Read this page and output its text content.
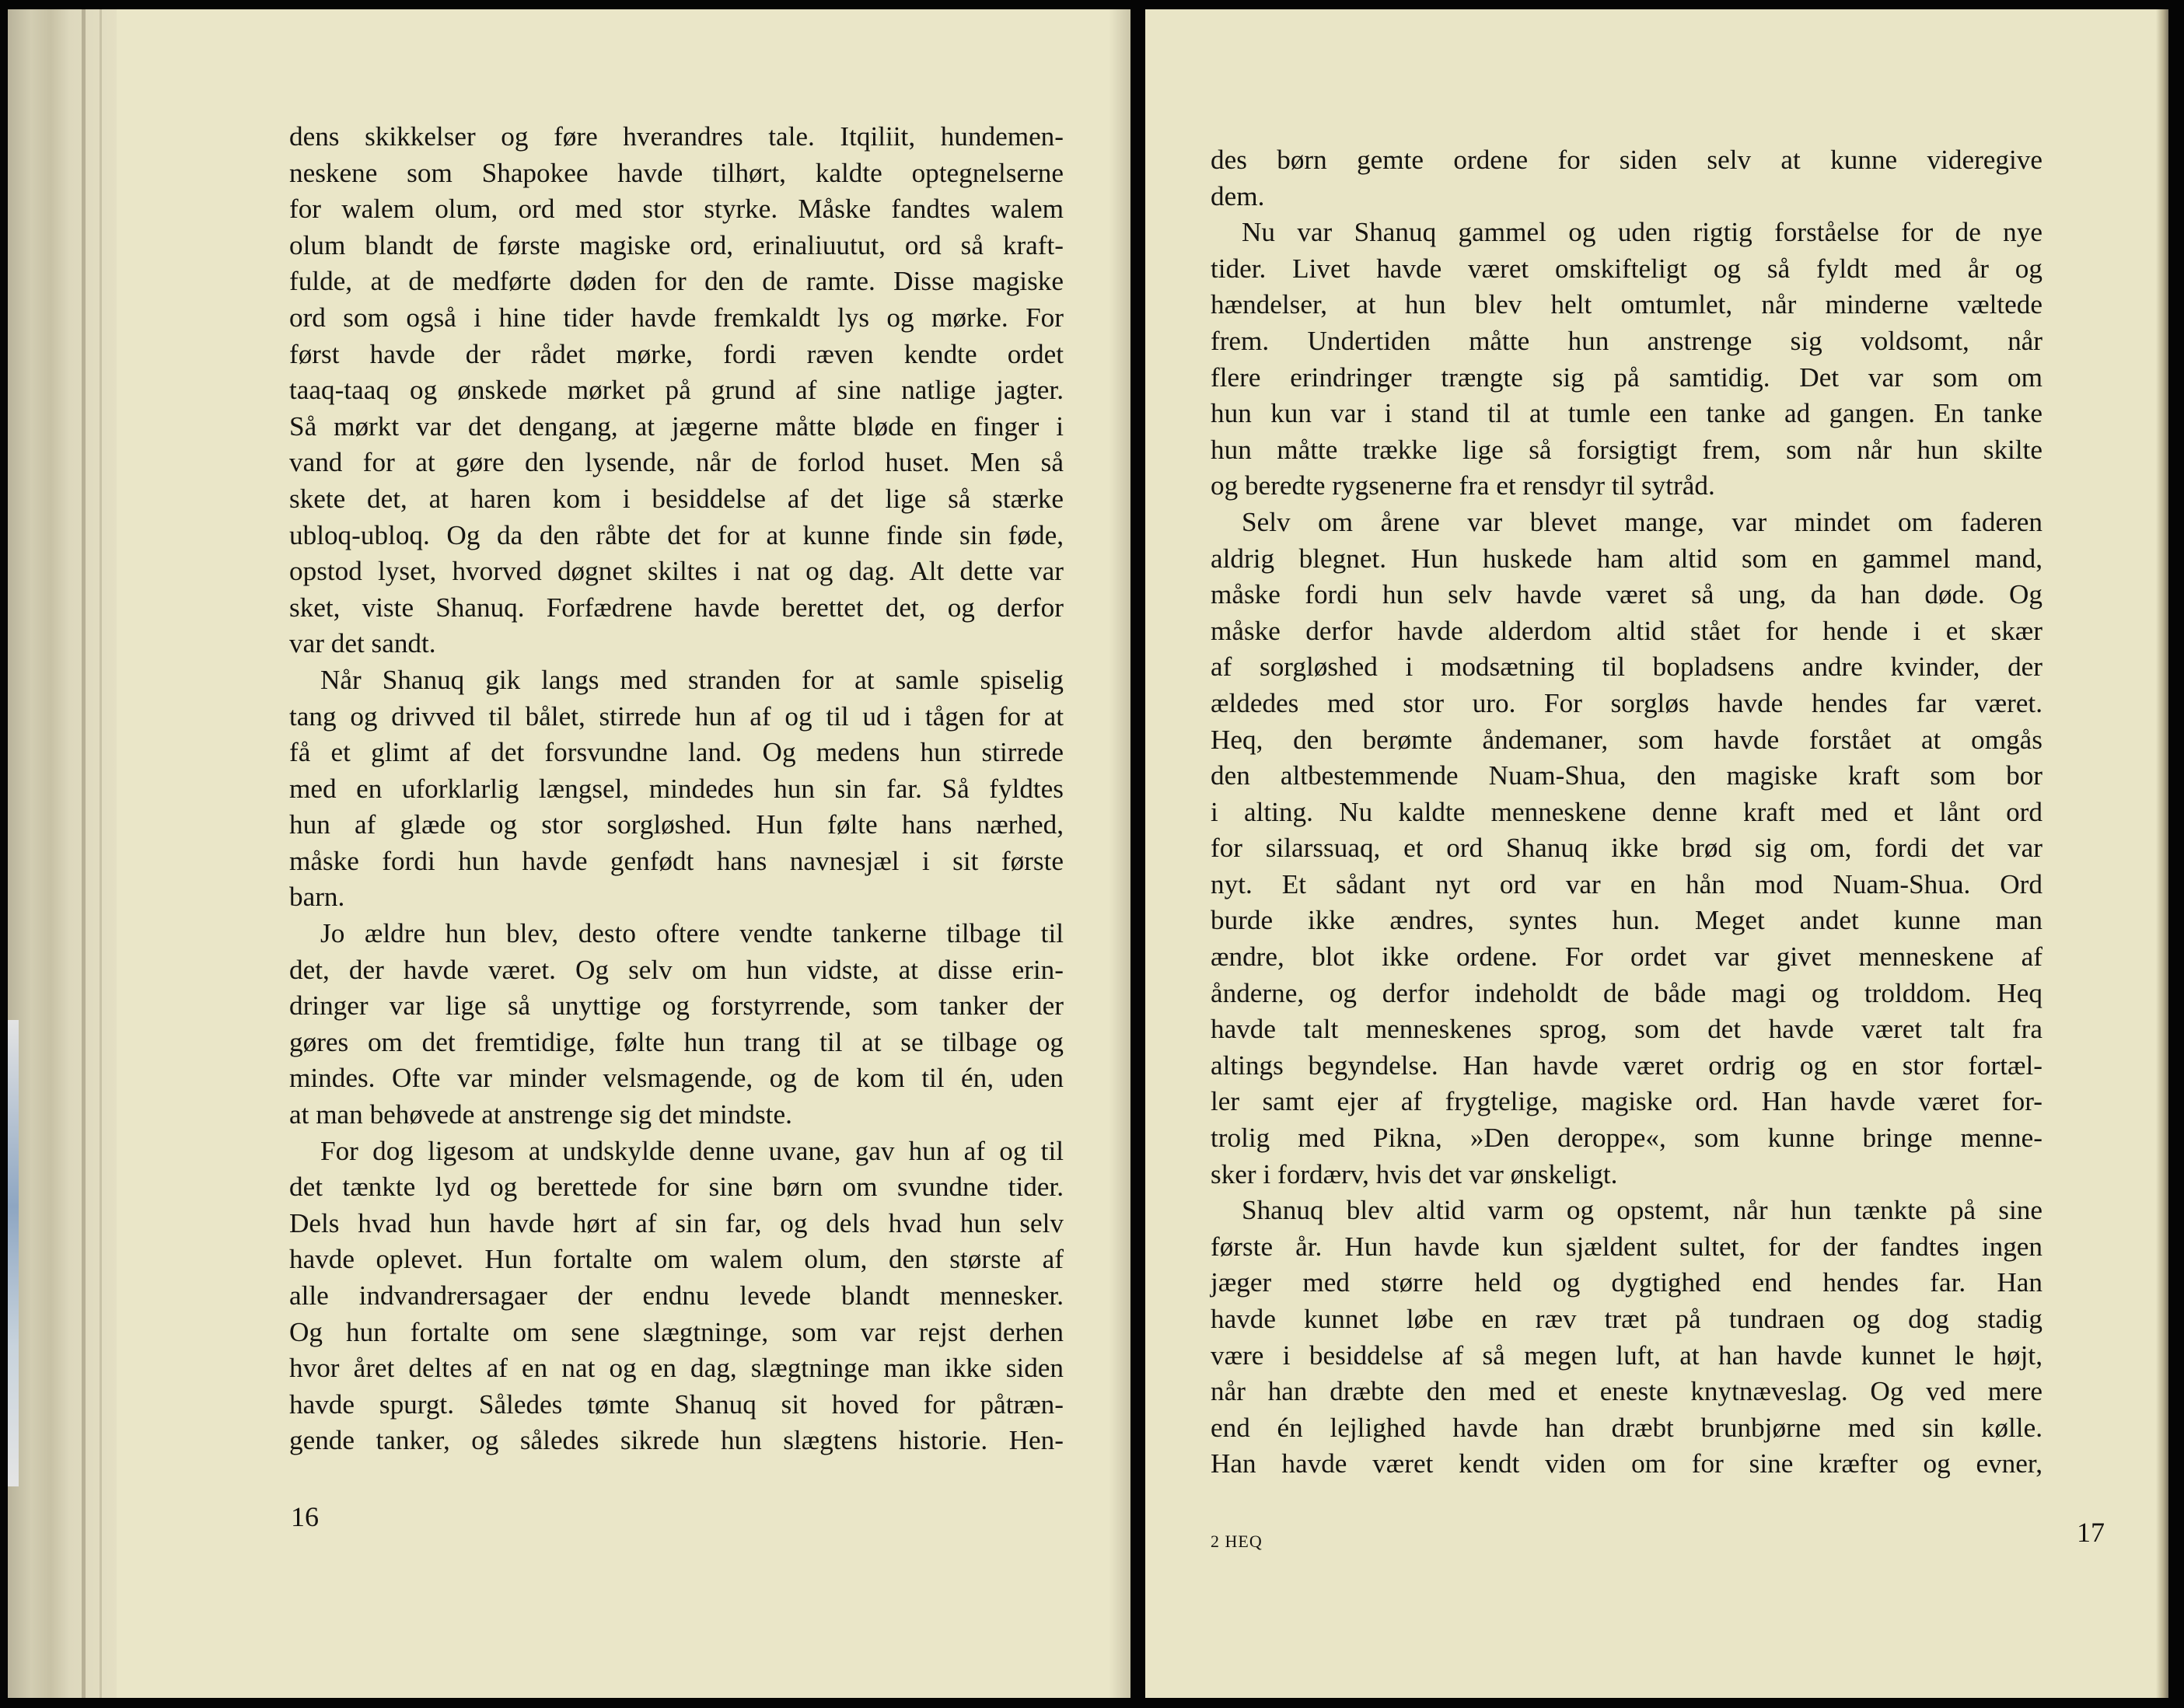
dens skikkelser og føre hverandres tale. Itqiliit, hundemen-
neskene som Shapokee havde tilhørt, kaldte optegnelserne
for walem olum, ord med stor styrke. Måske fandtes walem
olum blandt de første magiske ord, erinaliuutut, ord så kraft-
fulde, at de medførte døden for den de ramte. Disse magiske
ord som også i hine tider havde fremkaldt lys og mørke. For
først havde der rådet mørke, fordi ræven kendte ordet
taaq-taaq og ønskede mørket på grund af sine natlige jagter.
Så mørkt var det dengang, at jægerne måtte bløde en finger i
vand for at gøre den lysende, når de forlod huset. Men så
skete det, at haren kom i besiddelse af det lige så stærke
ubloq-ubloq. Og da den råbte det for at kunne finde sin føde,
opstod lyset, hvorved døgnet skiltes i nat og dag. Alt dette var
sket, viste Shanuq. Forfædrene havde berettet det, og derfor
var det sandt.
Når Shanuq gik langs med stranden for at samle spiselig
tang og drivved til bålet, stirrede hun af og til ud i tågen for at
få et glimt af det forsvundne land. Og medens hun stirrede
med en uforklarlig længsel, mindedes hun sin far. Så fyldtes
hun af glæde og stor sorgløshed. Hun følte hans nærhed,
måske fordi hun havde genfødt hans navnesjæl i sit første
barn.
Jo ældre hun blev, desto oftere vendte tankerne tilbage til
det, der havde været. Og selv om hun vidste, at disse erin-
dringer var lige så unyttige og forstyrrende, som tanker der
gøres om det fremtidige, følte hun trang til at se tilbage og
mindes. Ofte var minder velsmagende, og de kom til én, uden
at man behøvede at anstrenge sig det mindste.
For dog ligesom at undskylde denne uvane, gav hun af og til
det tænkte lyd og berettede for sine børn om svundne tider.
Dels hvad hun havde hørt af sin far, og dels hvad hun selv
havde oplevet. Hun fortalte om walem olum, den største af
alle indvandrersagaer der endnu levede blandt mennesker.
Og hun fortalte om sene slægtninge, som var rejst derhen
hvor året deltes af en nat og en dag, slægtninge man ikke siden
havde spurgt. Således tømte Shanuq sit hoved for påtræn-
gende tanker, og således sikrede hun slægtens historie. Hen-
16
des børn gemte ordene for siden selv at kunne videregive
dem.
Nu var Shanuq gammel og uden rigtig forståelse for de nye
tider. Livet havde været omskifteligt og så fyldt med år og
hændelser, at hun blev helt omtumlet, når minderne væltede
frem. Undertiden måtte hun anstrenge sig voldsomt, når
flere erindringer trængte sig på samtidig. Det var som om
hun kun var i stand til at tumle een tanke ad gangen. En tanke
hun måtte trække lige så forsigtigt frem, som når hun skilte
og beredte rygsenerne fra et rensdyr til sytråd.
Selv om årene var blevet mange, var mindet om faderen
aldrig blegnet. Hun huskede ham altid som en gammel mand,
måske fordi hun selv havde været så ung, da han døde. Og
måske derfor havde alderdom altid stået for hende i et skær
af sorgløshed i modsætning til bopladsens andre kvinder, der
ældedes med stor uro. For sorgløs havde hendes far været.
Heq, den berømte åndemaner, som havde forstået at omgås
den altbestemmende Nuam-Shua, den magiske kraft som bor
i alting. Nu kaldte menneskene denne kraft med et lånt ord
for silarssuaq, et ord Shanuq ikke brød sig om, fordi det var
nyt. Et sådant nyt ord var en hån mod Nuam-Shua. Ord
burde ikke ændres, syntes hun. Meget andet kunne man
ændre, blot ikke ordene. For ordet var givet menneskene af
ånderne, og derfor indeholdt de både magi og trolddom. Heq
havde talt menneskenes sprog, som det havde været talt fra
altings begyndelse. Han havde været ordrig og en stor fortæl-
ler samt ejer af frygtelige, magiske ord. Han havde været for-
trolig med Pikna, »Den deroppe«, som kunne bringe menne-
sker i fordærv, hvis det var ønskeligt.
Shanuq blev altid varm og opstemt, når hun tænkte på sine
første år. Hun havde kun sjældent sultet, for der fandtes ingen
jæger med større held og dygtighed end hendes far. Han
havde kunnet løbe en ræv træt på tundraen og dog stadig
være i besiddelse af så megen luft, at han havde kunnet le højt,
når han dræbte den med et eneste knytnæveslag. Og ved mere
end én lejlighed havde han dræbt brunbjørne med sin kølle.
Han havde været kendt viden om for sine kræfter og evner,
2 HEQ	17
